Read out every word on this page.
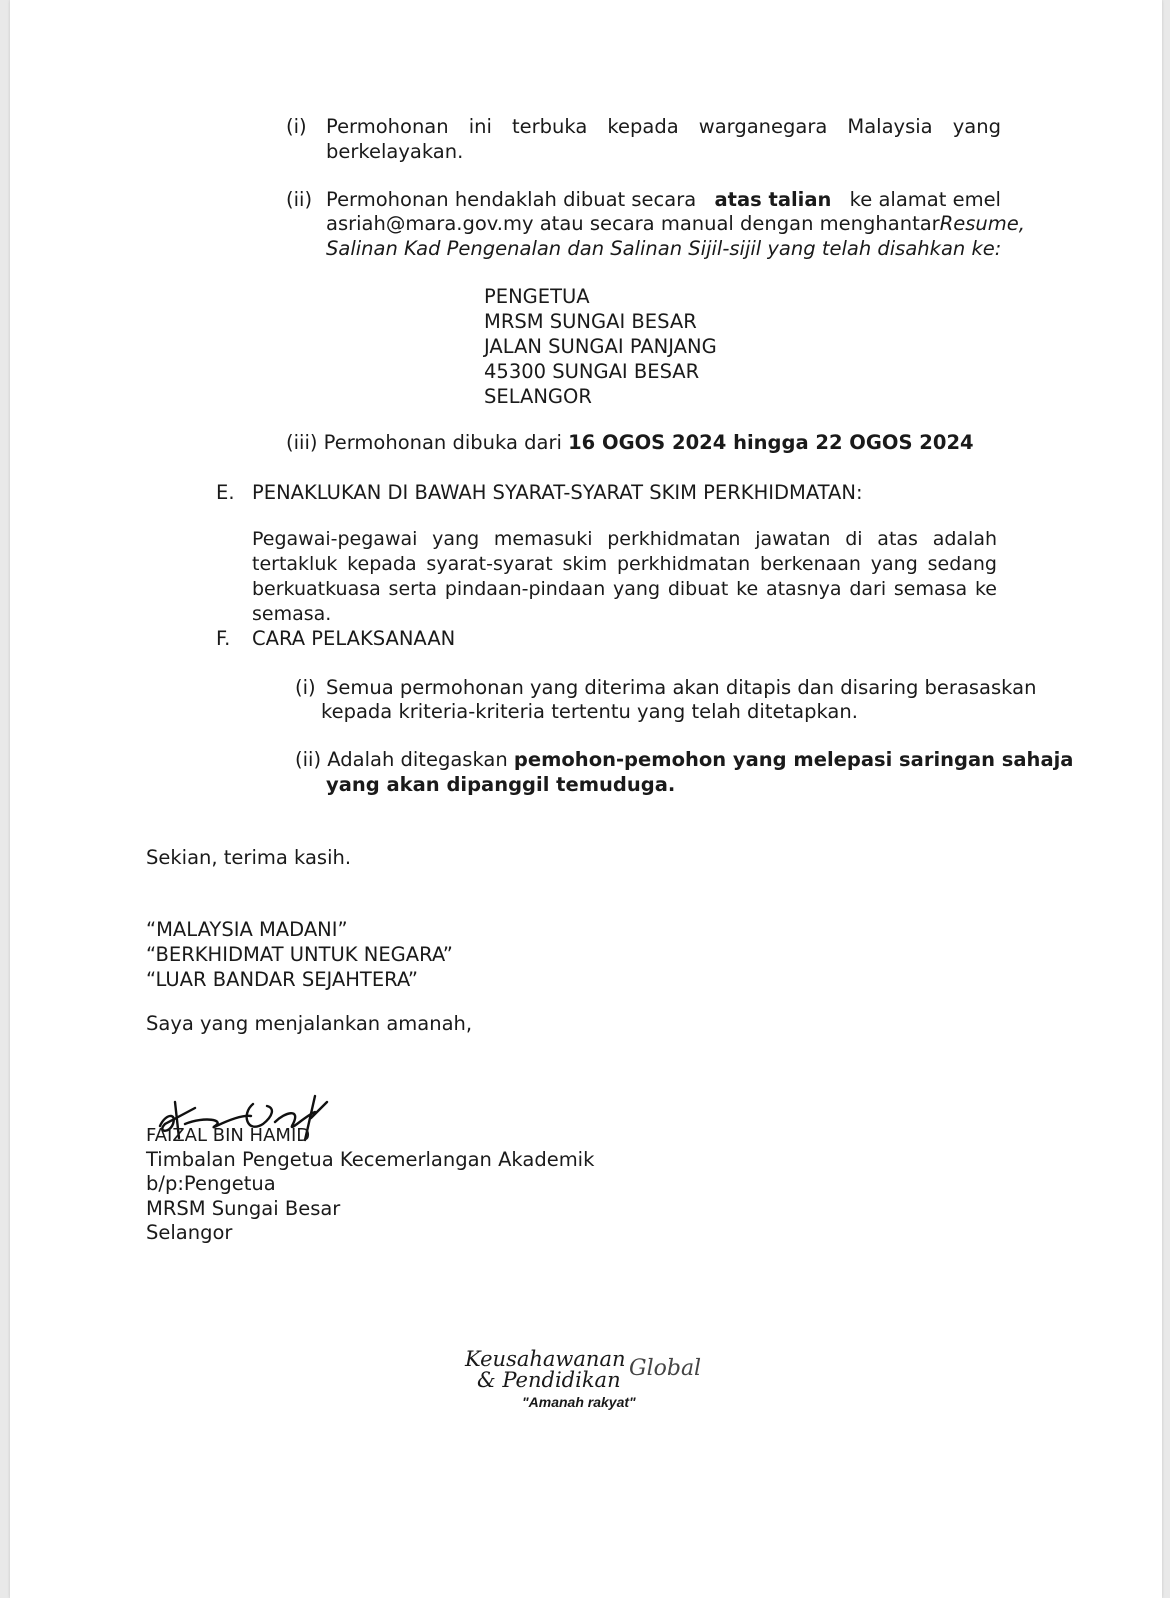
(i) Permohonan ini terbuka kepada warganegara Malaysia yang
berkelayakan.
(ii) Permohonan hendaklah dibuat secara atas talian ke alamat emel
asriah@mara.gov.my atau secara manual dengan menghantar Resume,
Salinan Kad Pengenalan dan Salinan Sijil-sijil yang telah disahkan ke:
PENGETUA
MRSM SUNGAI BESAR
JALAN SUNGAI PANJANG
45300 SUNGAI BESAR
SELANGOR
(iii) Permohonan dibuka dari 16 OGOS 2024 hingga 22 OGOS 2024
E. PENAKLUKAN DI BAWAH SYARAT-SYARAT SKIM PERKHIDMATAN:
Pegawai-pegawai yang memasuki perkhidmatan jawatan di atas adalah tertakluk kepada syarat-syarat skim perkhidmatan berkenaan yang sedang berkuatkuasa serta pindaan-pindaan yang dibuat ke atasnya dari semasa ke semasa.
F. CARA PELAKSANAAN
(i) Semua permohonan yang diterima akan ditapis dan disaring berasaskan
kepada kriteria-kriteria tertentu yang telah ditetapkan.
(ii) Adalah ditegaskan pemohon-pemohon yang melepasi saringan sahaja
yang akan dipanggil temuduga.
Sekian, terima kasih.
“MALAYSIA MADANI”
“BERKHIDMAT UNTUK NEGARA”
“LUAR BANDAR SEJAHTERA”
Saya yang menjalankan amanah,
FAIZAL BIN HAMID
Timbalan Pengetua Kecemerlangan Akademik
b/p:Pengetua
MRSM Sungai Besar
Selangor
Keusahawanan
& Pendidikan Global
"Amanah rakyat"
